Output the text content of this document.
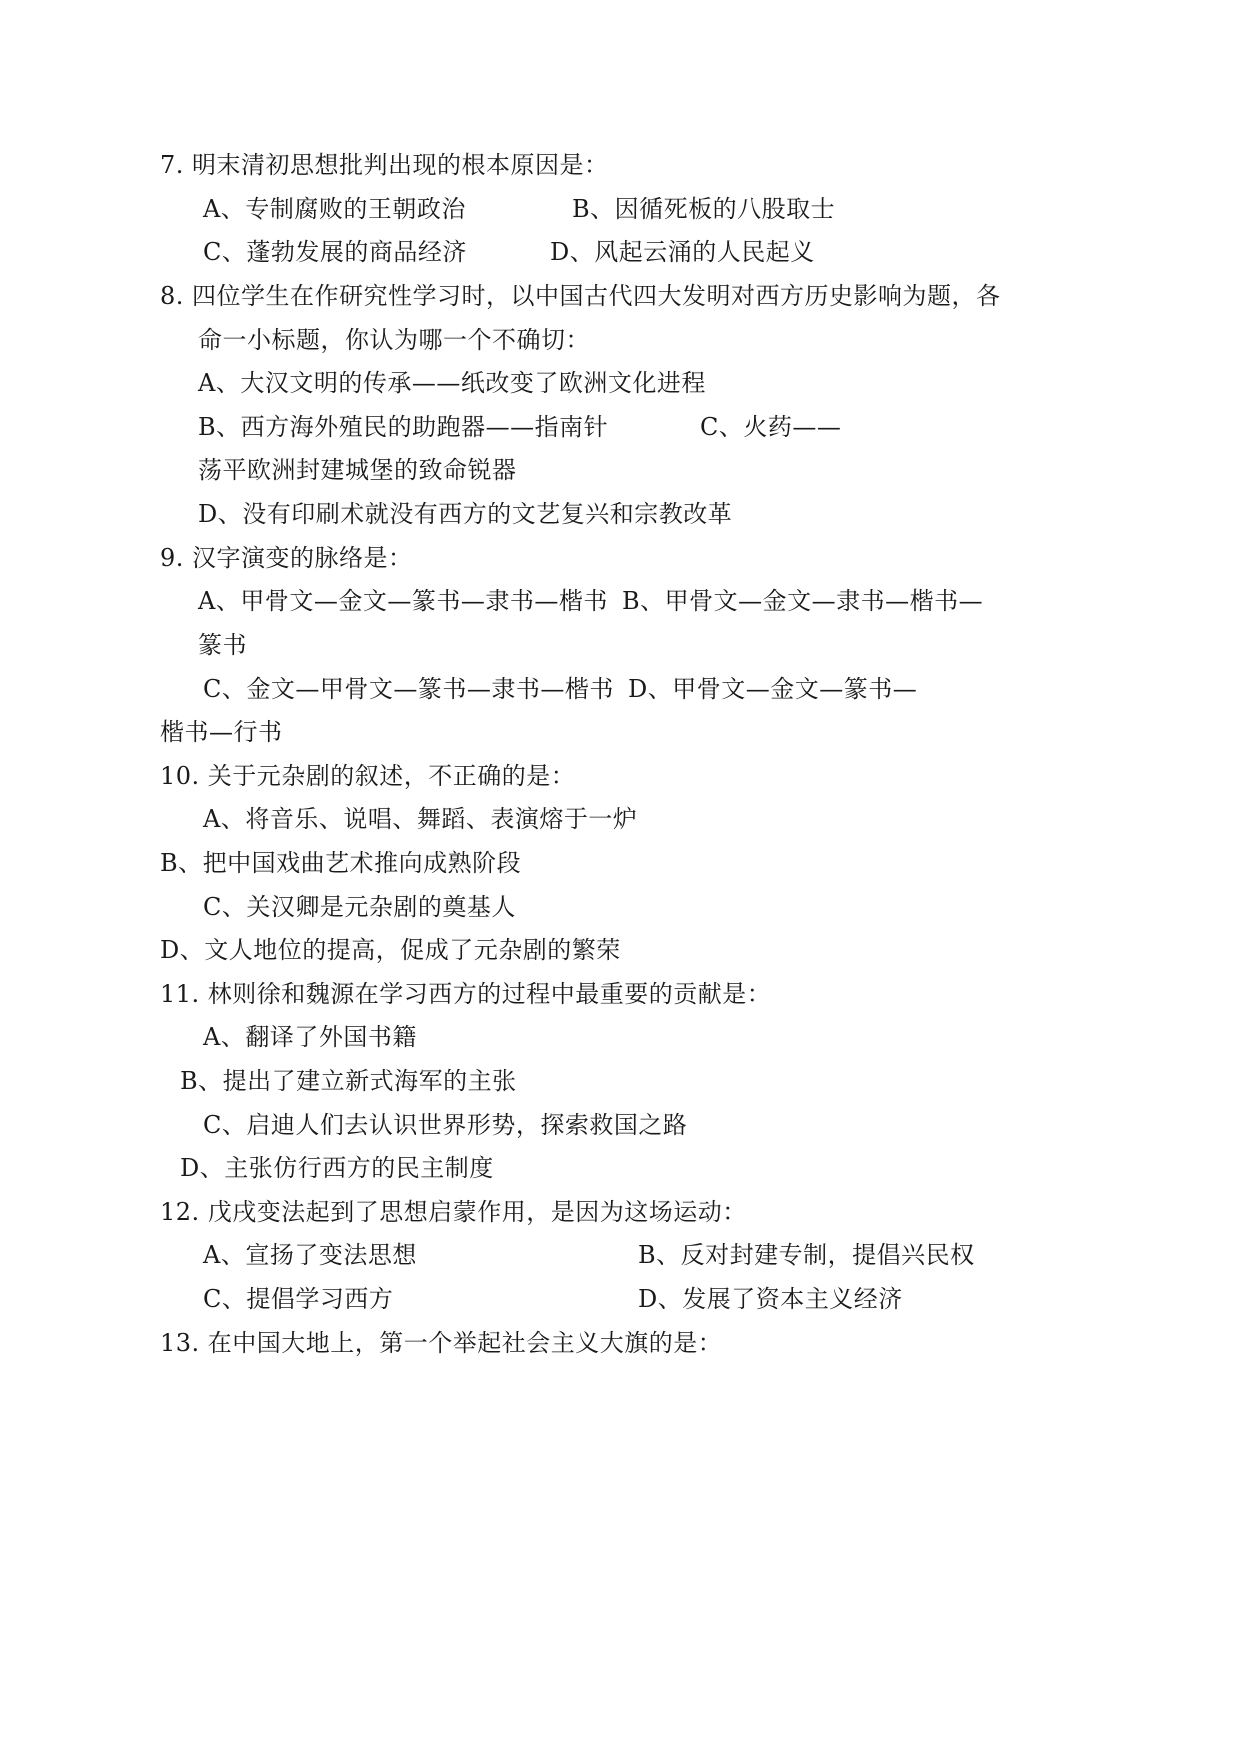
7. 明末清初思想批判出现的根本原因是：
A、专制腐败的王朝政治	B、因循死板的八股取士
C、蓬勃发展的商品经济	D、风起云涌的人民起义
8. 四位学生在作研究性学习时，以中国古代四大发明对西方历史影响为题，各
命一小标题，你认为哪一个不确切：
A、大汉文明的传承——纸改变了欧洲文化进程
B、西方海外殖民的助跑器——指南针	C、火药——
荡平欧洲封建城堡的致命锐器
D、没有印刷术就没有西方的文艺复兴和宗教改革
9. 汉字演变的脉络是：
A、甲骨文—金文—篆书—隶书—楷书 B、甲骨文—金文—隶书—楷书—
篆书
C、金文—甲骨文—篆书—隶书—楷书 D、甲骨文—金文—篆书—
楷书—行书
10. 关于元杂剧的叙述，不正确的是：
A、将音乐、说唱、舞蹈、表演熔于一炉
B、把中国戏曲艺术推向成熟阶段
C、关汉卿是元杂剧的奠基人
D、文人地位的提高，促成了元杂剧的繁荣
11. 林则徐和魏源在学习西方的过程中最重要的贡献是：
A、翻译了外国书籍
B、提出了建立新式海军的主张
C、启迪人们去认识世界形势，探索救国之路
D、主张仿行西方的民主制度
12. 戊戌变法起到了思想启蒙作用，是因为这场运动：
A、宣扬了变法思想	B、反对封建专制，提倡兴民权
C、提倡学习西方	D、发展了资本主义经济
13. 在中国大地上，第一个举起社会主义大旗的是：
